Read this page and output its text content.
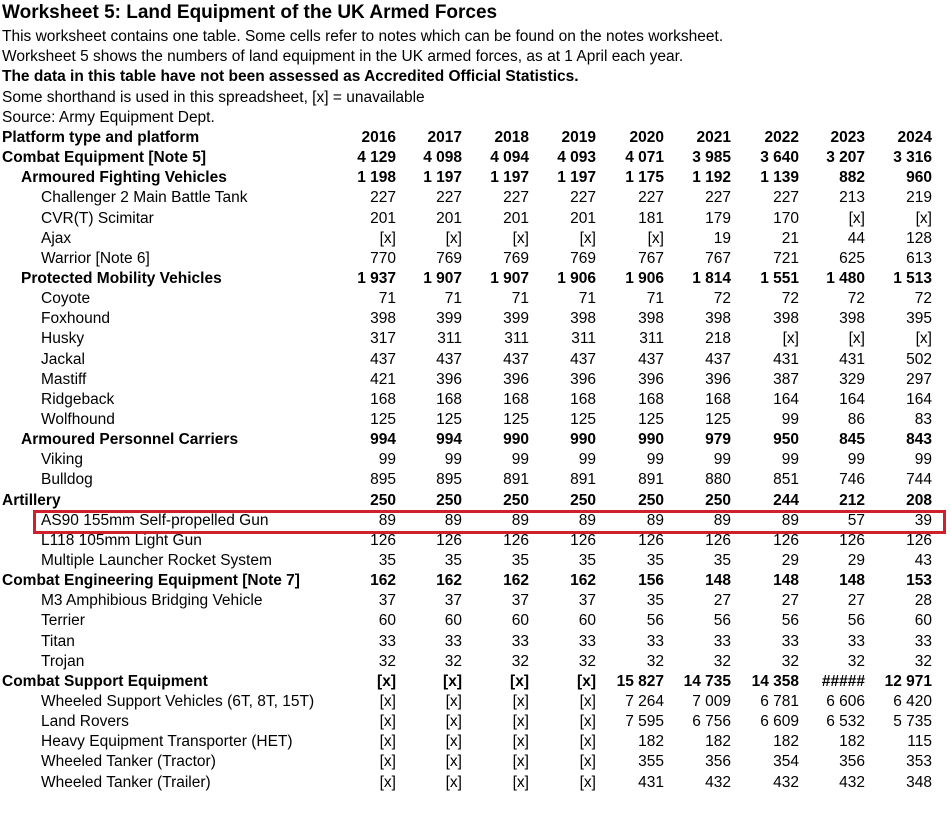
Worksheet 5: Land Equipment of the UK Armed Forces
This worksheet contains one table. Some cells refer to notes which can be found on the notes worksheet.
Worksheet 5 shows the numbers of land equipment in the UK armed forces, as at 1 April each year.
The data in this table have not been assessed as Accredited Official Statistics.
Some shorthand is used in this spreadsheet, [x] = unavailable
Source: Army Equipment Dept.
Platform type and platform	2016	2017	2018	2019	2020	2021	2022	2023	2024
Combat Equipment [Note 5]	4 129	4 098	4 094	4 093	4 071	3 985	3 640	3 207	3 316
Armoured Fighting Vehicles	1 198	1 197	1 197	1 197	1 175	1 192	1 139	882	960
Challenger 2 Main Battle Tank	227	227	227	227	227	227	227	213	219
CVR(T) Scimitar	201	201	201	201	181	179	170	[x]	[x]
Ajax	[x]	[x]	[x]	[x]	[x]	19	21	44	128
Warrior [Note 6]	770	769	769	769	767	767	721	625	613
Protected Mobility Vehicles	1 937	1 907	1 907	1 906	1 906	1 814	1 551	1 480	1 513
Coyote	71	71	71	71	71	72	72	72	72
Foxhound	398	399	399	398	398	398	398	398	395
Husky	317	311	311	311	311	218	[x]	[x]	[x]
Jackal	437	437	437	437	437	437	431	431	502
Mastiff	421	396	396	396	396	396	387	329	297
Ridgeback	168	168	168	168	168	168	164	164	164
Wolfhound	125	125	125	125	125	125	99	86	83
Armoured Personnel Carriers	994	994	990	990	990	979	950	845	843
Viking	99	99	99	99	99	99	99	99	99
Bulldog	895	895	891	891	891	880	851	746	744
Artillery	250	250	250	250	250	250	244	212	208
AS90 155mm Self-propelled Gun	89	89	89	89	89	89	89	57	39
L118 105mm Light Gun	126	126	126	126	126	126	126	126	126
Multiple Launcher Rocket System	35	35	35	35	35	35	29	29	43
Combat Engineering Equipment [Note 7]	162	162	162	162	156	148	148	148	153
M3 Amphibious Bridging Vehicle	37	37	37	37	35	27	27	27	28
Terrier	60	60	60	60	56	56	56	56	60
Titan	33	33	33	33	33	33	33	33	33
Trojan	32	32	32	32	32	32	32	32	32
Combat Support Equipment	[x]	[x]	[x]	[x]	15 827	14 735	14 358	#####	12 971
Wheeled Support Vehicles (6T, 8T, 15T)	[x]	[x]	[x]	[x]	7 264	7 009	6 781	6 606	6 420
Land Rovers	[x]	[x]	[x]	[x]	7 595	6 756	6 609	6 532	5 735
Heavy Equipment Transporter (HET)	[x]	[x]	[x]	[x]	182	182	182	182	115
Wheeled Tanker (Tractor)	[x]	[x]	[x]	[x]	355	356	354	356	353
Wheeled Tanker (Trailer)	[x]	[x]	[x]	[x]	431	432	432	432	348
